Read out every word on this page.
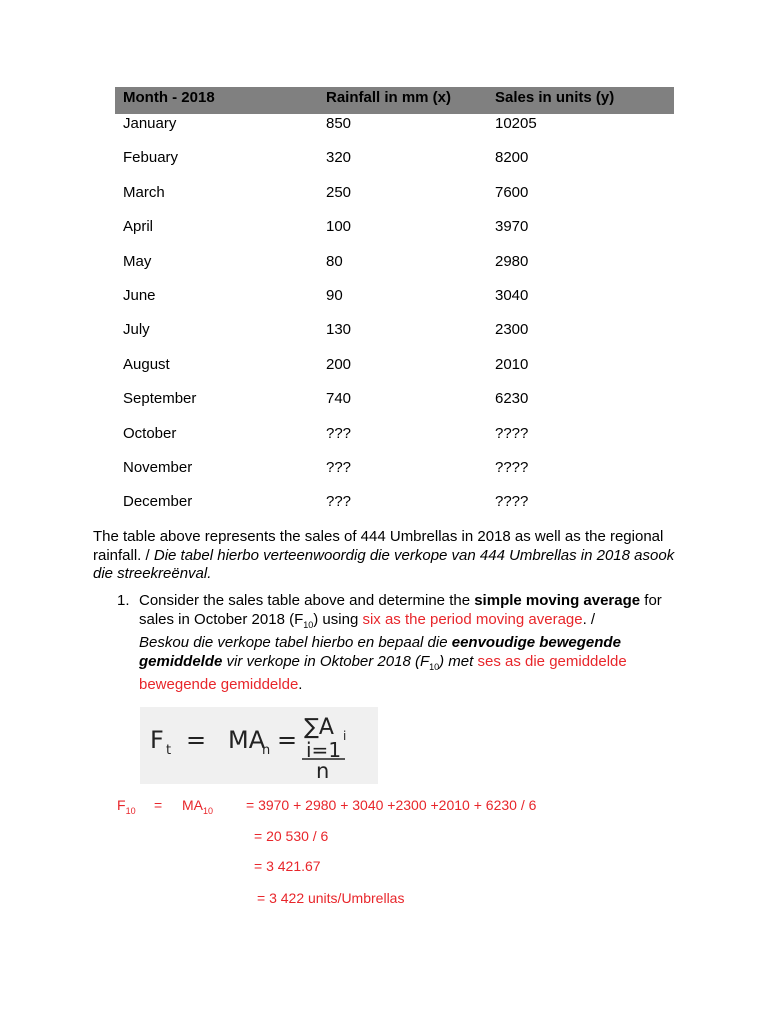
Month - 2018	Rainfall in mm (x)	Sales in units (y)
January	850	10205
Febuary	320	8200
March	250	7600
April	100	3970
May	80	2980
June	90	3040
July	130	2300
August	200	2010
September	740	6230
October	???	????
November	???	????
December	???	????
The table above represents the sales of 444 Umbrellas in 2018 as well as the regional rainfall. / Die tabel hierbo verteenwoordig die verkope van 444 Umbrellas in 2018 asook die streekreënval.
1. Consider the sales table above and determine the simple moving average for sales in October 2018 $(F_{10})$ using six as the period moving average. /
Beskou die verkope tabel hierbo en bepaal die eenvoudige bewegende gemiddelde vir verkope in Oktober 2018 $(F_{10})$ met ses as die gemiddelde bewegende gemiddelde.
F t = MA
n = ∑A i
i=1
n
$F_{10} = MA_{10} = 3970 + 2980 + 3040 +2300 +2010 + 6230 / 6$
= 20 530 / 6
= 3 421.67
= 3 422 units/Umbrellas
